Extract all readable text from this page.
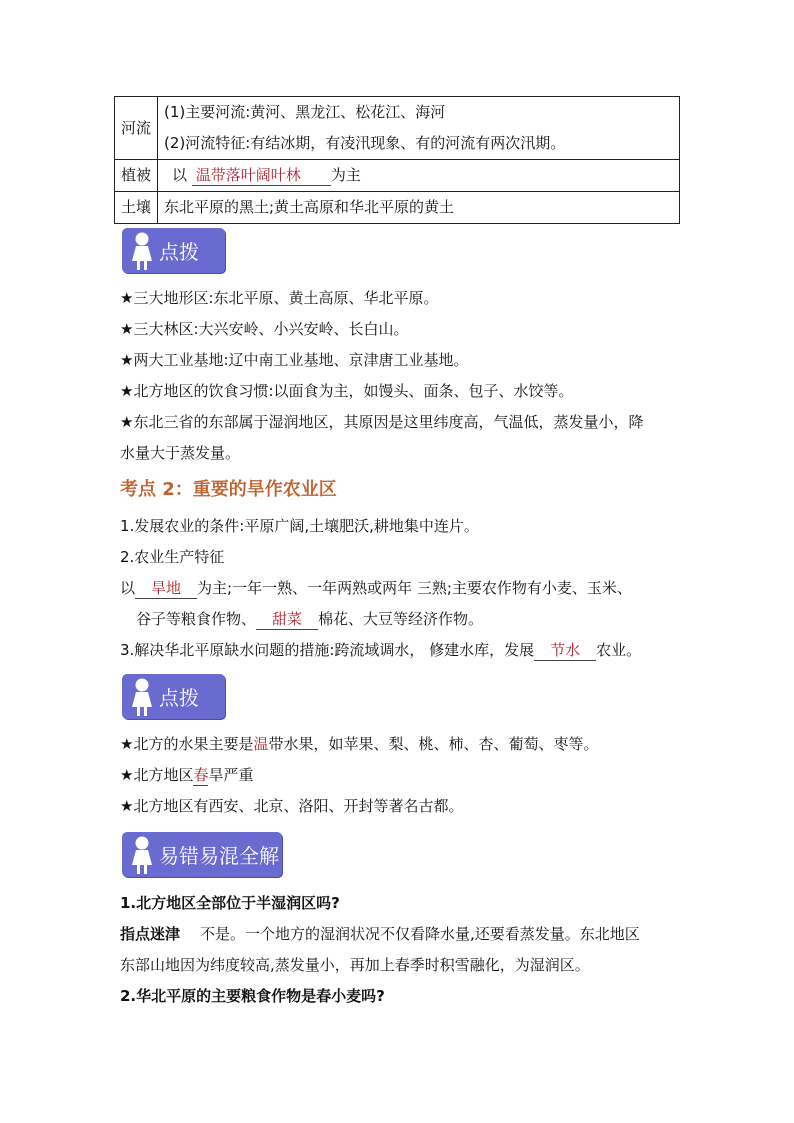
河流	(1)主要河流:黄河、黑龙江、松花江、海河
(2)河流特征:有结冰期，有凌汛现象、有的河流有两次汛期。

植被	以 温带落叶阔叶林 为主
土壤	东北平原的黑土;黄土高原和华北平原的黄土
点拨
★三大地形区:东北平原、黄土高原、华北平原。
★三大林区:大兴安岭、小兴安岭、长白山。
★两大工业基地:辽中南工业基地、京津唐工业基地。
★北方地区的饮食习惯:以面食为主，如馒头、面条、包子、水饺等。
★东北三省的东部属于湿润地区，其原因是这里纬度高，气温低，蒸发量小，降
水量大于蒸发量。
考点 2：重要的旱作农业区
1.发展农业的条件:平原广阔,土壤肥沃,耕地集中连片。
2.农业生产特征
以 旱地 为主;一年一熟、一年两熟或两年 三熟;主要农作物有小麦、玉米、
谷子等粮食作物、 甜菜 棉花、大豆等经济作物。
3.解决华北平原缺水问题的措施:跨流域调水， 修建水库，发展 节水 农业。
点拨
★北方的水果主要是温带水果，如苹果、梨、桃、柿、杏、葡萄、枣等。
★北方地区春旱严重
★北方地区有西安、北京、洛阳、开封等著名古都。
易错易混全解
1.北方地区全部位于半湿润区吗?
指点迷津 不是。一个地方的湿润状况不仅看降水量,还要看蒸发量。东北地区
东部山地因为纬度较高,蒸发量小，再加上春季时积雪融化，为湿润区。
2.华北平原的主要粮食作物是春小麦吗?
